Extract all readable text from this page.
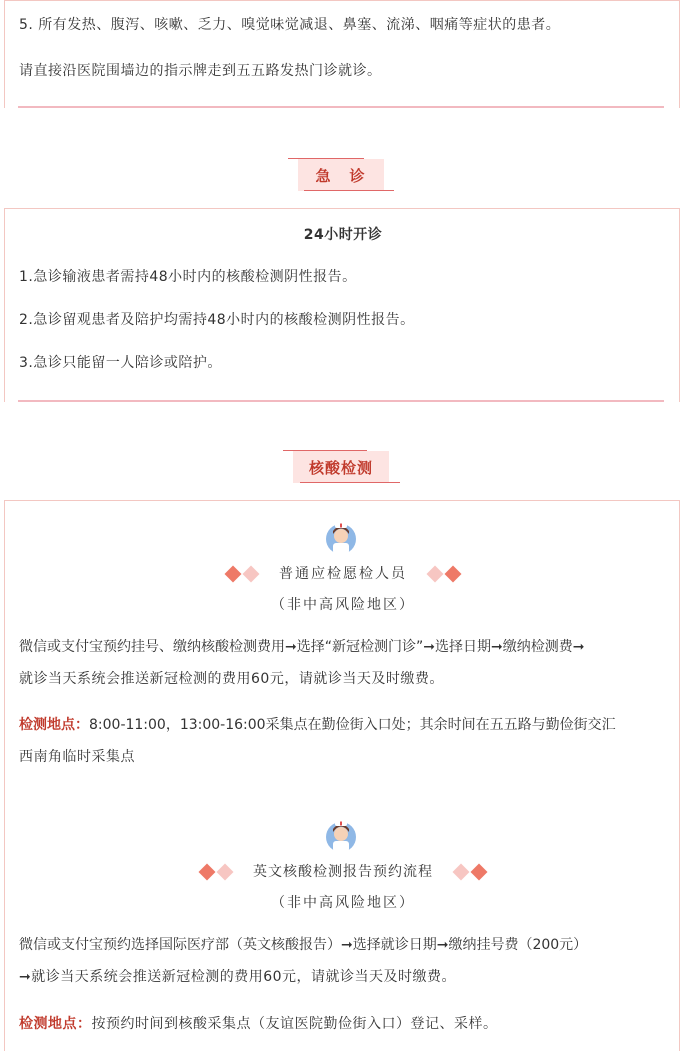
5. 所有发热、腹泻、咳嗽、乏力、嗅觉味觉减退、鼻塞、流涕、咽痛等症状的患者。
请直接沿医院围墙边的指示牌走到五五路发热门诊就诊。
急　诊
24小时开诊
1.急诊输液患者需持48小时内的核酸检测阴性报告。
2.急诊留观患者及陪护均需持48小时内的核酸检测阴性报告。
3.急诊只能留一人陪诊或陪护。
核酸检测
普通应检愿检人员
（非中高风险地区）
微信或支付宝预约挂号、缴纳核酸检测费用➞选择“新冠检测门诊”➞选择日期➞缴纳检测费➞
就诊当天系统会推送新冠检测的费用60元，请就诊当天及时缴费。
检测地点：8:00-11:00，13:00-16:00采集点在勤俭街入口处；其余时间在五五路与勤俭街交汇
西南角临时采集点
英文核酸检测报告预约流程
（非中高风险地区）
微信或支付宝预约选择国际医疗部（英文核酸报告）➞选择就诊日期➞缴纳挂号费（200元）
➞就诊当天系统会推送新冠检测的费用60元，请就诊当天及时缴费。
检测地点：按预约时间到核酸采集点（友谊医院勤俭街入口）登记、采样。
